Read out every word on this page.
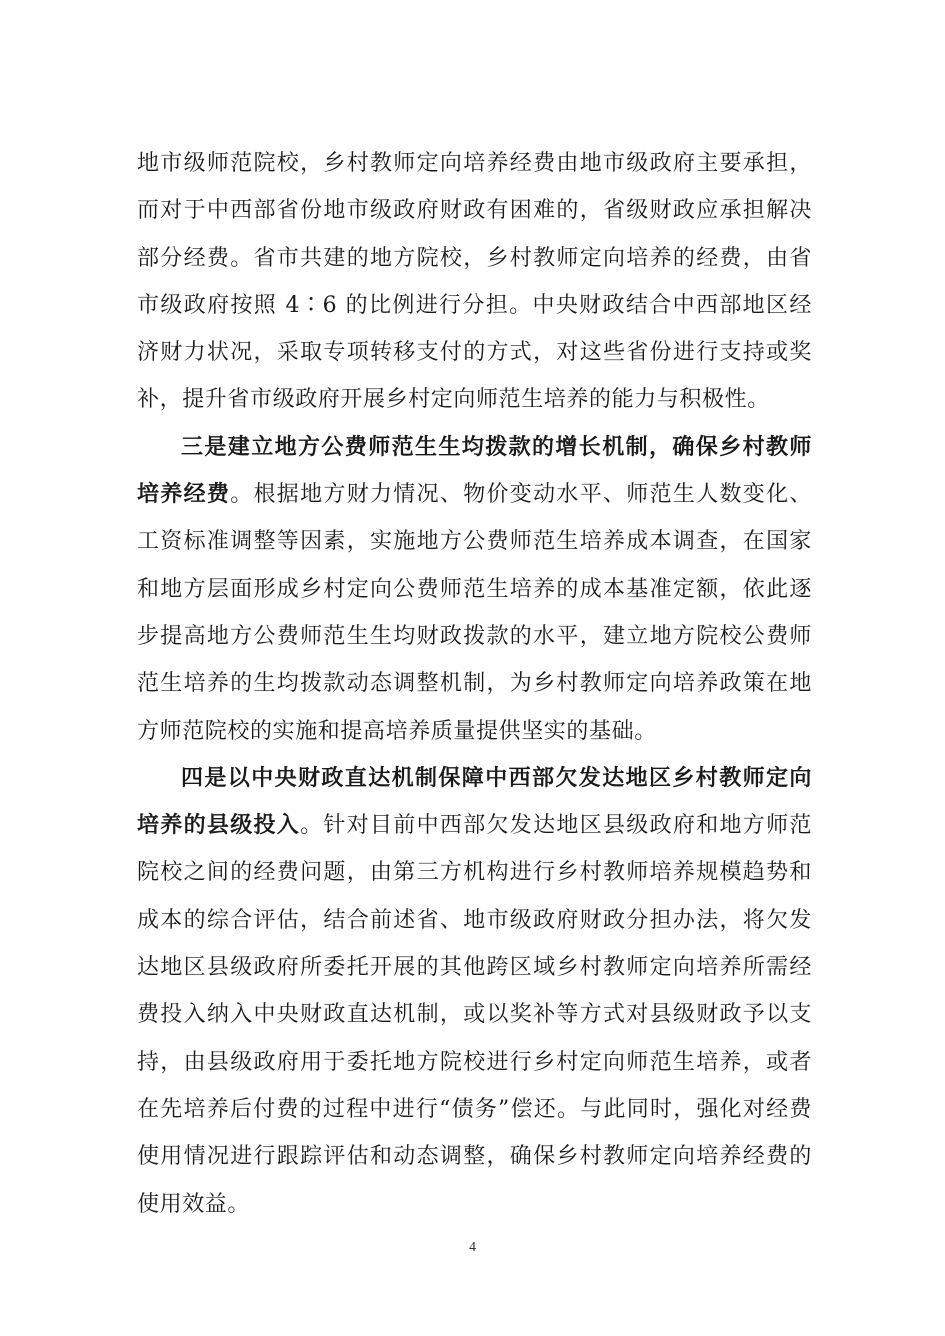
地市级师范院校，乡村教师定向培养经费由地市级政府主要承担，而对于中西部省份地市级政府财政有困难的，省级财政应承担解决部分经费。省市共建的地方院校，乡村教师定向培养的经费，由省市级政府按照 4∶6 的比例进行分担。中央财政结合中西部地区经济财力状况，采取专项转移支付的方式，对这些省份进行支持或奖补，提升省市级政府开展乡村定向师范生培养的能力与积极性。

三是建立地方公费师范生生均拨款的增长机制，确保乡村教师培养经费。根据地方财力情况、物价变动水平、师范生人数变化、工资标准调整等因素，实施地方公费师范生培养成本调查，在国家和地方层面形成乡村定向公费师范生培养的成本基准定额，依此逐步提高地方公费师范生生均财政拨款的水平，建立地方院校公费师范生培养的生均拨款动态调整机制，为乡村教师定向培养政策在地方师范院校的实施和提高培养质量提供坚实的基础。

四是以中央财政直达机制保障中西部欠发达地区乡村教师定向培养的县级投入。针对目前中西部欠发达地区县级政府和地方师范院校之间的经费问题，由第三方机构进行乡村教师培养规模趋势和成本的综合评估，结合前述省、地市级政府财政分担办法，将欠发达地区县级政府所委托开展的其他跨区域乡村教师定向培养所需经费投入纳入中央财政直达机制，或以奖补等方式对县级财政予以支持，由县级政府用于委托地方院校进行乡村定向师范生培养，或者在先培养后付费的过程中进行“债务”偿还。与此同时，强化对经费使用情况进行跟踪评估和动态调整，确保乡村教师定向培养经费的使用效益。

4
